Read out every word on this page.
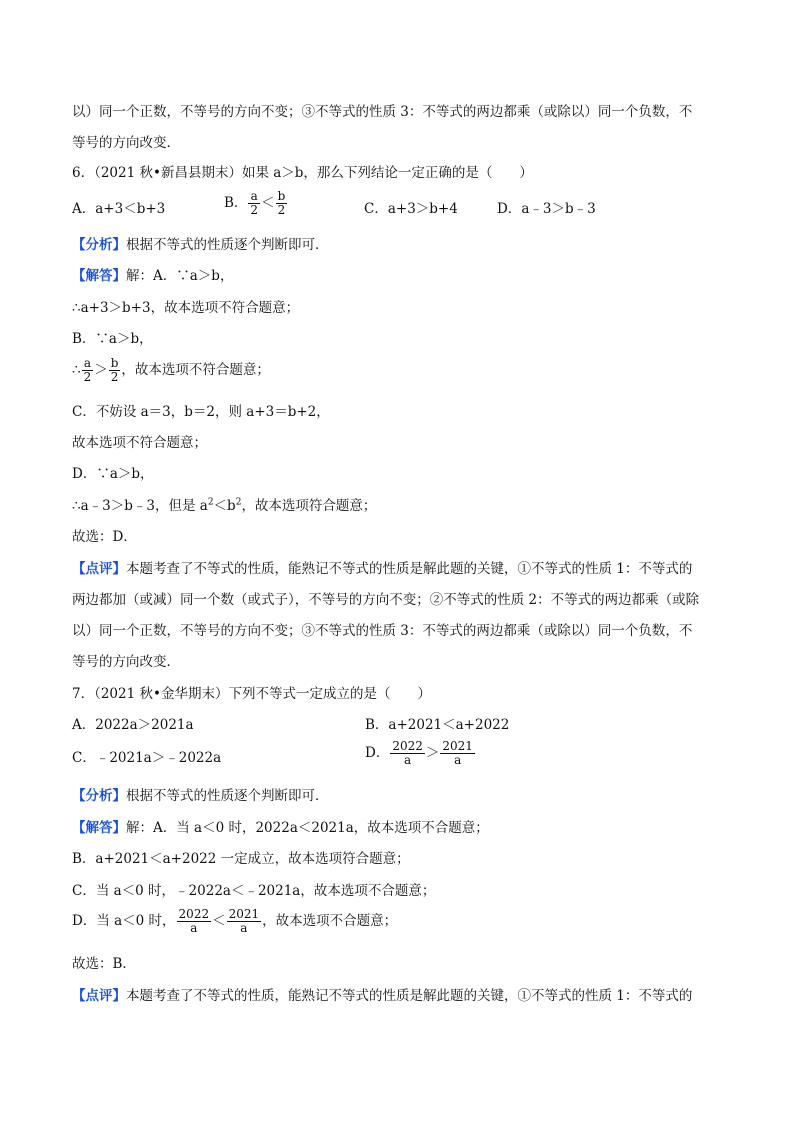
以）同一个正数，不等号的方向不变；③不等式的性质 3：不等式的两边都乘（或除以）同一个负数，不
等号的方向改变．
6．（2021 秋•新昌县期末）如果 a＞b，那么下列结论一定正确的是（　　）
A．a+3＜b+3	B． $\frac{a}{2} < \frac{b}{2}$	C．a+3＞b+4	D．a﹣3＞b﹣3
【分析】根据不等式的性质逐个判断即可．
【解答】解：A．∵a＞b，
∴a+3＞b+3，故本选项不符合题意；
B．∵a＞b，
∴ $\frac{a}{2} > \frac{b}{2}$ ，故本选项不符合题意；
C．不妨设 a＝3，b＝2，则 a+3＝b+2，
故本选项不符合题意；
D．∵a＞b，
∴a﹣3＞b﹣3，但是 $a^2<b^2$，故本选项符合题意；
故选：D．
【点评】本题考查了不等式的性质，能熟记不等式的性质是解此题的关键，①不等式的性质 1：不等式的
两边都加（或减）同一个数（或式子），不等号的方向不变；②不等式的性质 2：不等式的两边都乘（或除
以）同一个正数，不等号的方向不变；③不等式的性质 3：不等式的两边都乘（或除以）同一个负数，不
等号的方向改变．
7．（2021 秋•金华期末）下列不等式一定成立的是（　　）
A．2022a＞2021a	B．a+2021＜a+2022
C．﹣2021a＞﹣2022a	D． $\frac{2022}{a} > \frac{2021}{a}$
【分析】根据不等式的性质逐个判断即可．
【解答】解：A．当 a＜0 时，2022a＜2021a，故本选项不合题意；
B．a+2021＜a+2022 一定成立，故本选项符合题意；
C．当 a＜0 时，﹣2022a＜﹣2021a，故本选项不合题意；
D．当 a＜0 时， $\frac{2022}{a} < \frac{2021}{a}$ ，故本选项不合题意；
故选：B．
【点评】本题考查了不等式的性质，能熟记不等式的性质是解此题的关键，①不等式的性质 1：不等式的
